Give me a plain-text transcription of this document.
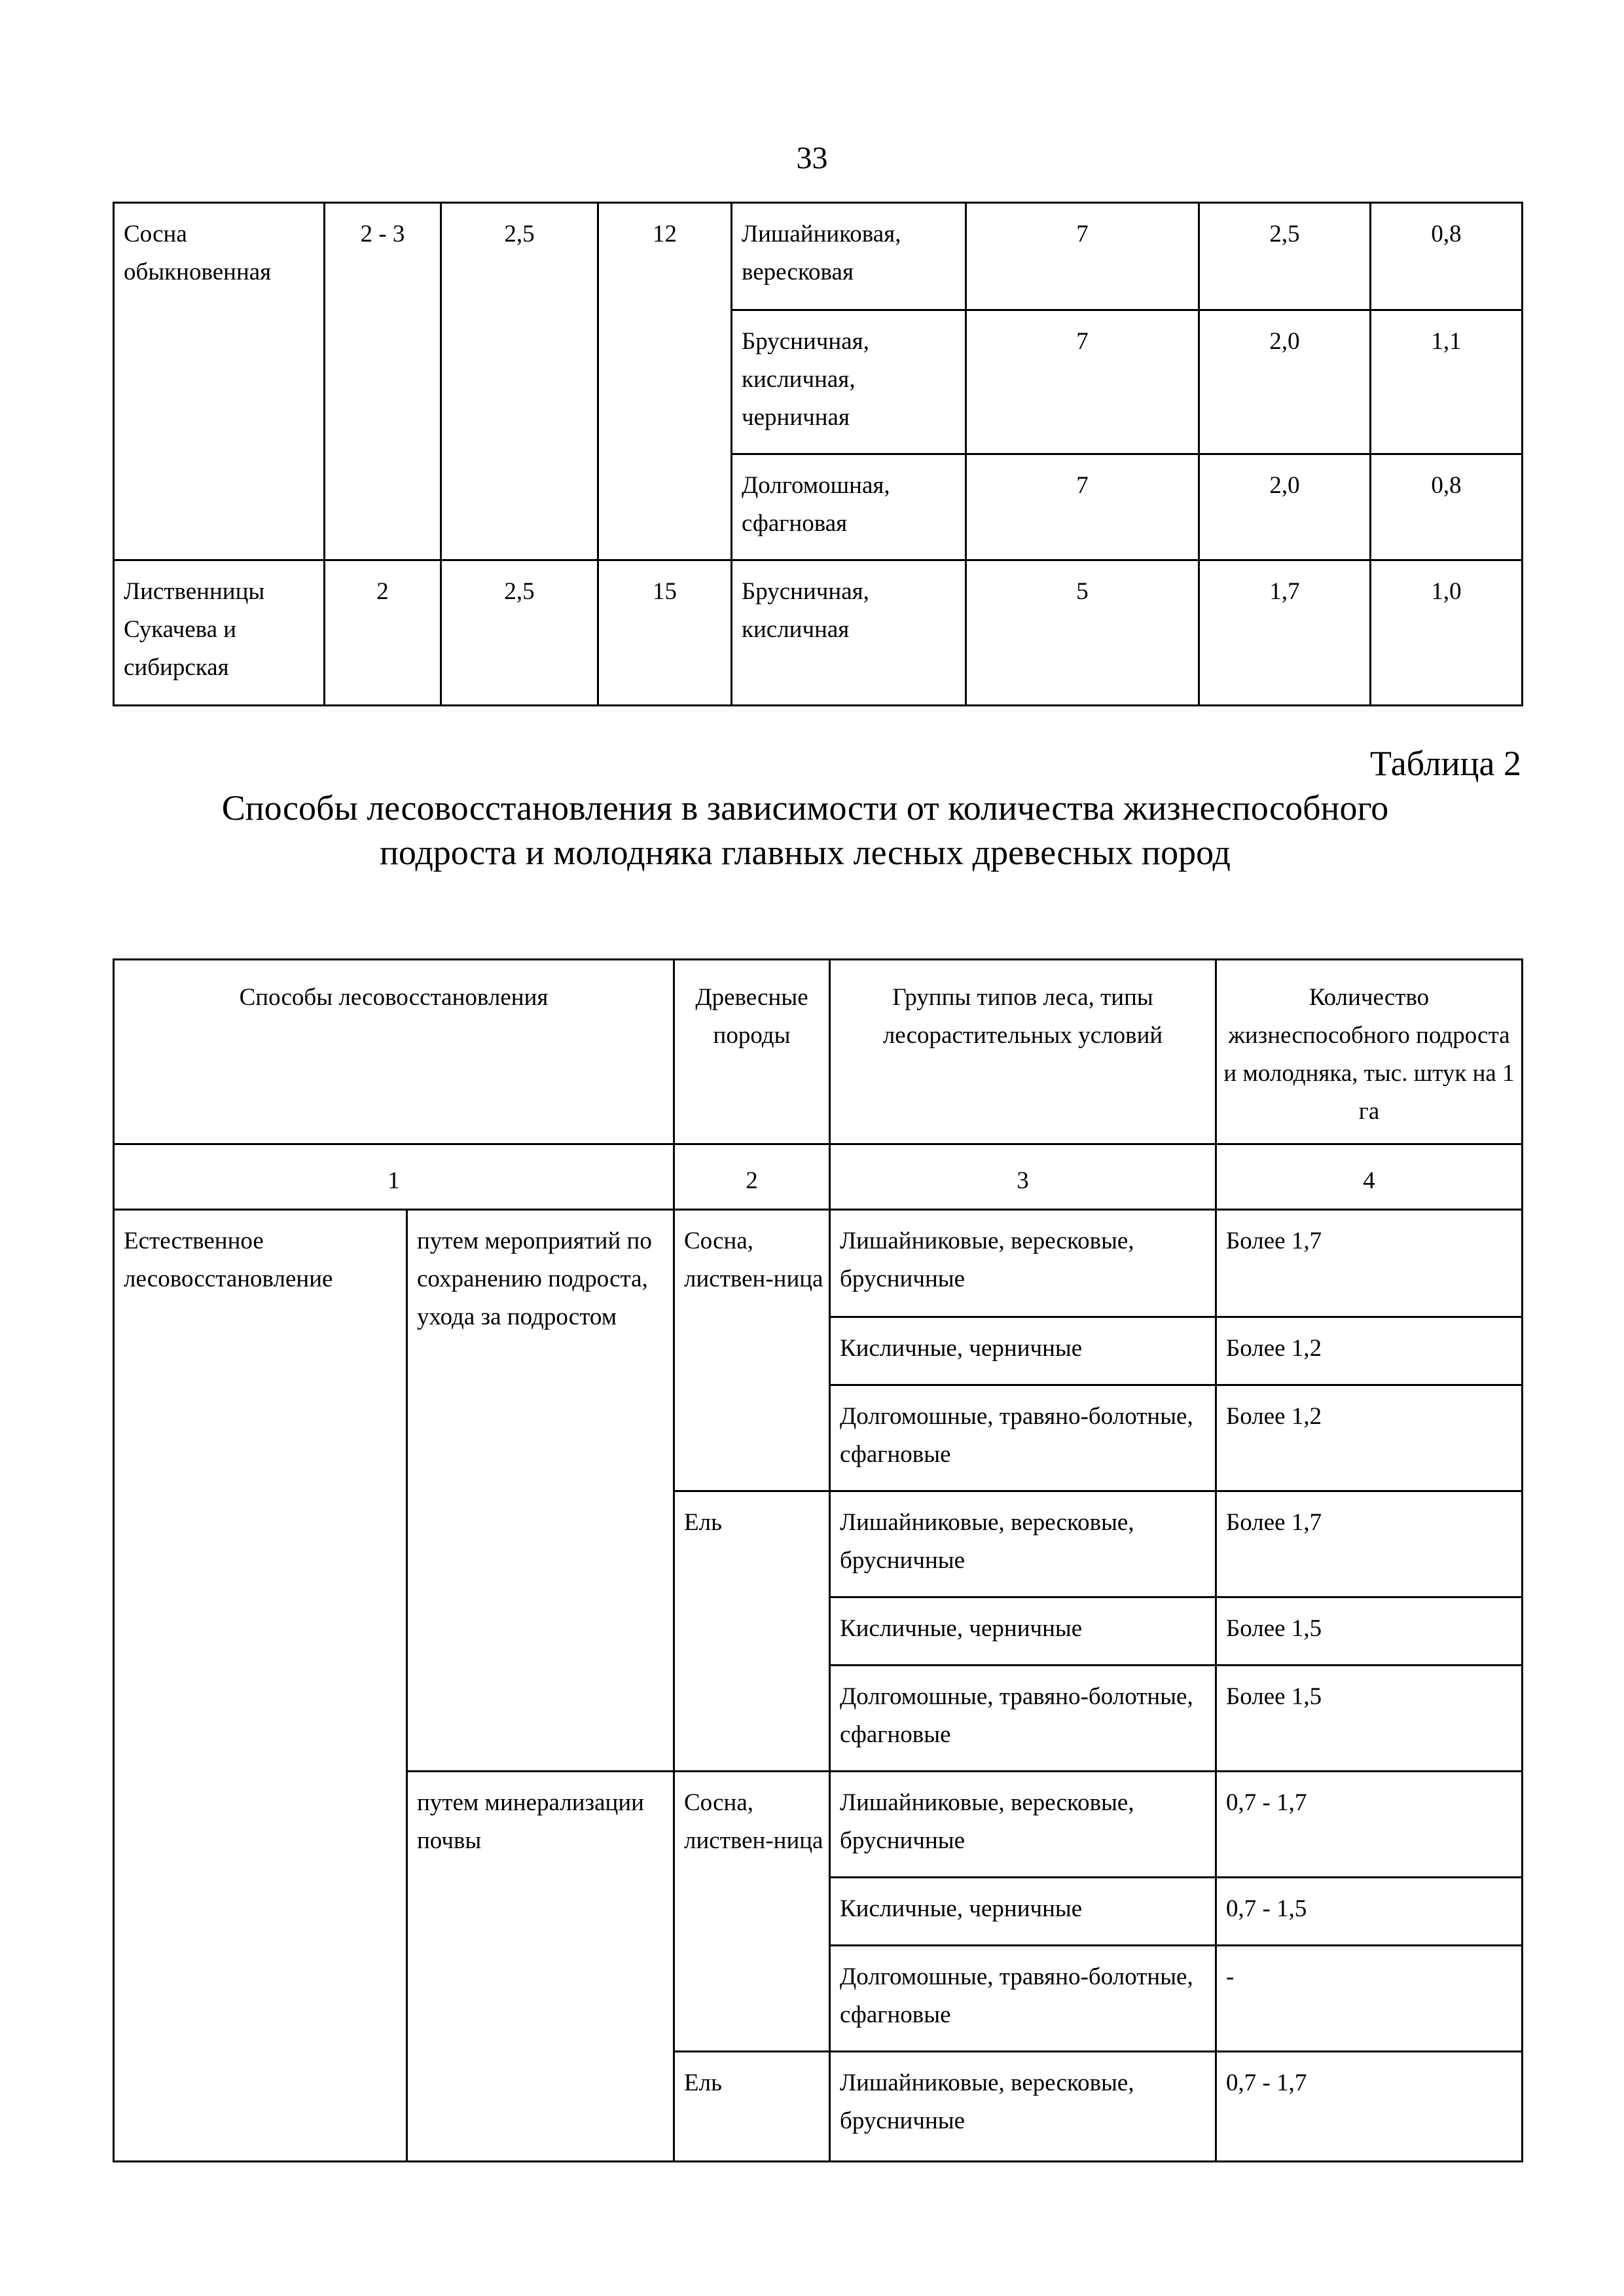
33
Сосна обыкновенная	2 - 3	2,5	12	Лишайниковая, вересковая	7	2,5	0,8
				Брусничная, кисличная, черничная	7	2,0	1,1
				Долгомошная, сфагновая	7	2,0	0,8
Лиственницы Сукачева и сибирская	2	2,5	15	Брусничная, кисличная	5	1,7	1,0
Таблица 2
Способы лесовосстановления в зависимости от количества жизнеспособного подроста и молодняка главных лесных древесных пород
Способы лесовосстановления		Древесные породы	Группы типов леса, типы лесорастительных условий	Количество жизнеспособного подроста и молодняка, тыс. штук на 1 га
1		2	3	4
Естественное лесовосстановление	путем мероприятий по сохранению подроста, ухода за подростом	Сосна, листвен-ница	Лишайниковые, вересковые, брусничные	Более 1,7
			Кисличные, черничные	Более 1,2
			Долгомошные, травяно-болотные, сфагновые	Более 1,2
		Ель	Лишайниковые, вересковые, брусничные	Более 1,7
			Кисличные, черничные	Более 1,5
			Долгомошные, травяно-болотные, сфагновые	Более 1,5
	путем минерализации почвы	Сосна, листвен-ница	Лишайниковые, вересковые, брусничные	0,7 - 1,7
			Кисличные, черничные	0,7 - 1,5
			Долгомошные, травяно-болотные, сфагновые	-
		Ель	Лишайниковые, вересковые, брусничные	0,7 - 1,7
